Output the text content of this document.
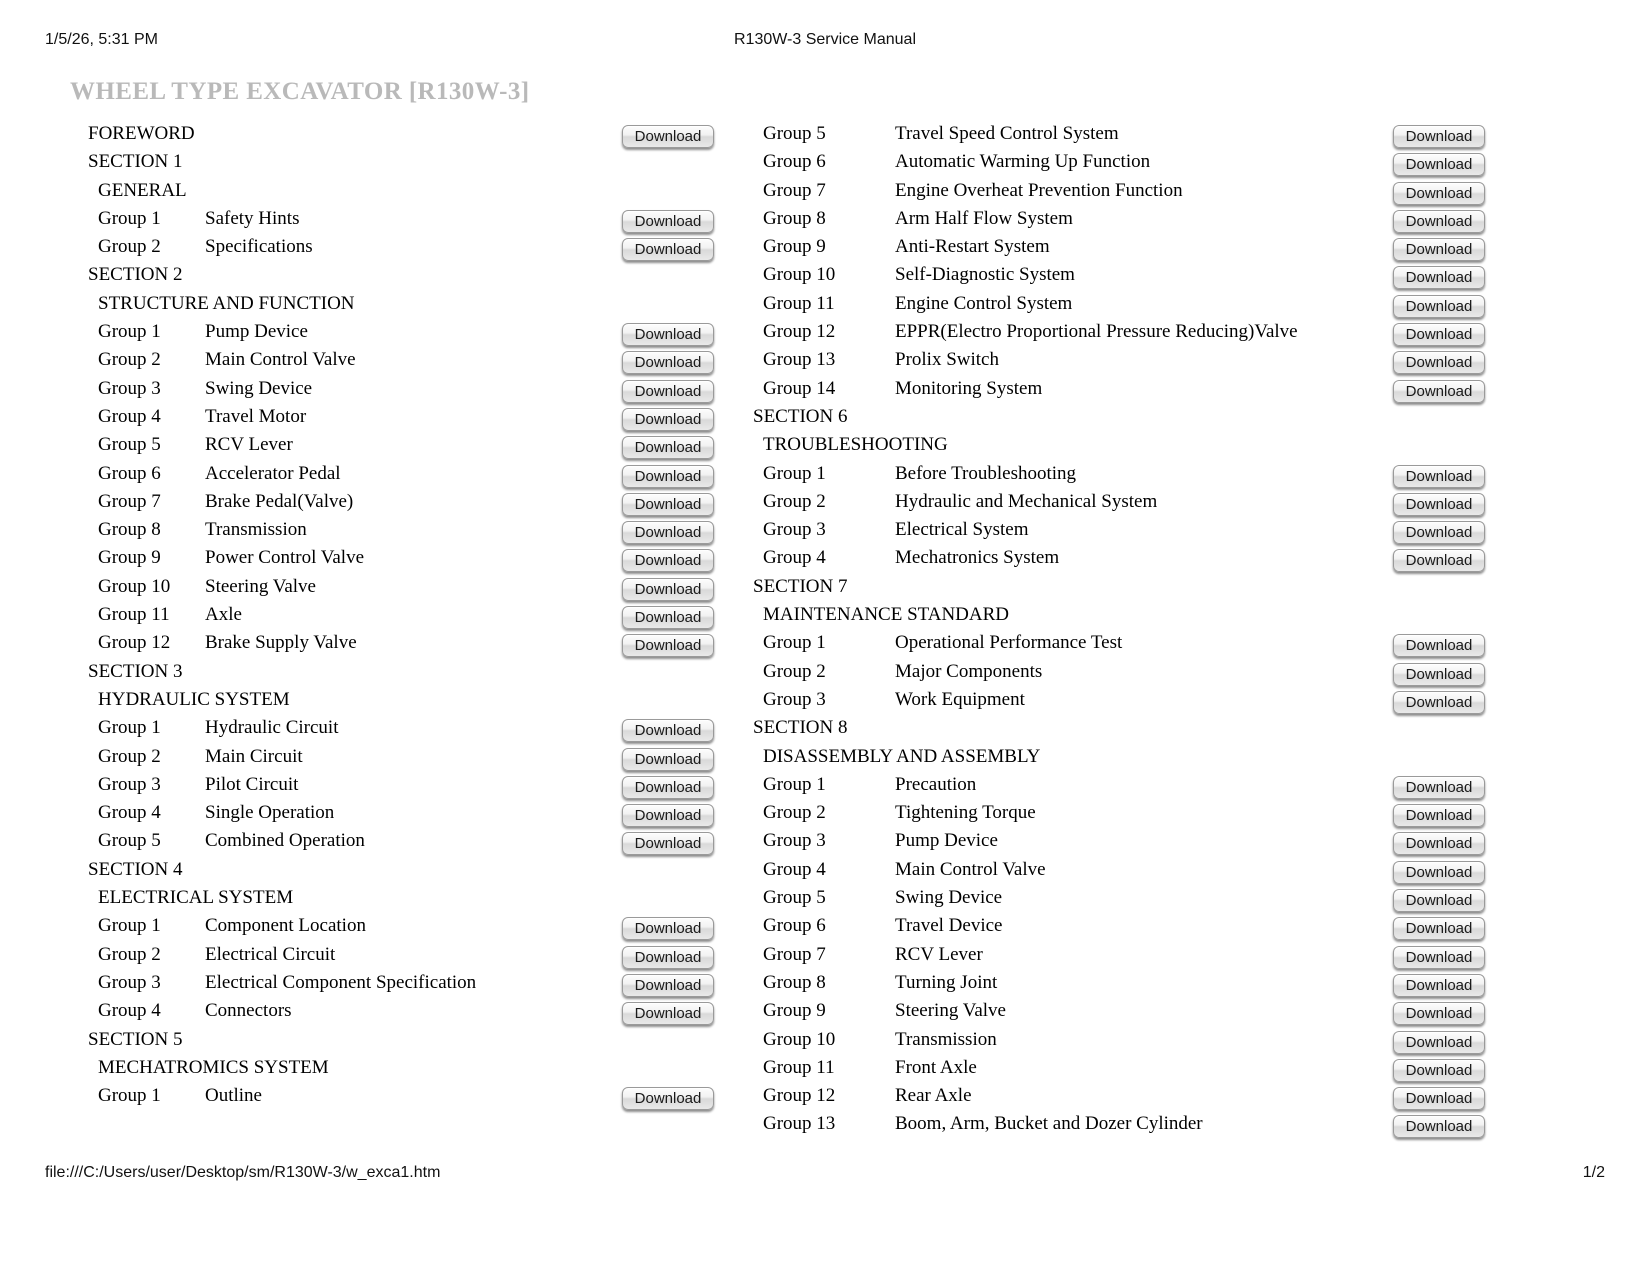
1/5/26, 5:31 PM	R130W-3 Service Manual
WHEEL TYPE EXCAVATOR [R130W-3]
FOREWORD	Download
SECTION 1
GENERAL
Group 1 Safety Hints	Download
Group 2 Specifications	Download
SECTION 2
STRUCTURE AND FUNCTION
Group 1 Pump Device	Download
Group 2 Main Control Valve	Download
Group 3 Swing Device	Download
Group 4 Travel Motor	Download
Group 5 RCV Lever	Download
Group 6 Accelerator Pedal	Download
Group 7 Brake Pedal(Valve)	Download
Group 8 Transmission	Download
Group 9 Power Control Valve	Download
Group 10 Steering Valve	Download
Group 11 Axle	Download
Group 12 Brake Supply Valve	Download
SECTION 3
HYDRAULIC SYSTEM
Group 1 Hydraulic Circuit	Download
Group 2 Main Circuit	Download
Group 3 Pilot Circuit	Download
Group 4 Single Operation	Download
Group 5 Combined Operation	Download
SECTION 4
ELECTRICAL SYSTEM
Group 1 Component Location	Download
Group 2 Electrical Circuit	Download
Group 3 Electrical Component Specification	Download
Group 4 Connectors	Download
SECTION 5
MECHATROMICS SYSTEM
Group 1 Outline	Download
Group 5	Travel Speed Control System	Download
Group 6	Automatic Warming Up Function	Download
Group 7	Engine Overheat Prevention Function	Download
Group 8	Arm Half Flow System	Download
Group 9	Anti-Restart System	Download
Group 10	Self-Diagnostic System	Download
Group 11	Engine Control System	Download
Group 12	EPPR(Electro Proportional Pressure Reducing)Valve	Download
Group 13	Prolix Switch	Download
Group 14	Monitoring System	Download
SECTION 6
TROUBLESHOOTING
Group 1	Before Troubleshooting	Download
Group 2	Hydraulic and Mechanical System	Download
Group 3	Electrical System	Download
Group 4	Mechatronics System	Download
SECTION 7
MAINTENANCE STANDARD
Group 1	Operational Performance Test	Download
Group 2	Major Components	Download
Group 3	Work Equipment	Download
SECTION 8
DISASSEMBLY AND ASSEMBLY
Group 1	Precaution	Download
Group 2	Tightening Torque	Download
Group 3	Pump Device	Download
Group 4	Main Control Valve	Download
Group 5	Swing Device	Download
Group 6	Travel Device	Download
Group 7	RCV Lever	Download
Group 8	Turning Joint	Download
Group 9	Steering Valve	Download
Group 10	Transmission	Download
Group 11	Front Axle	Download
Group 12	Rear Axle	Download
Group 13	Boom, Arm, Bucket and Dozer Cylinder	Download
file:///C:/Users/user/Desktop/sm/R130W-3/w_exca1.htm	1/2
